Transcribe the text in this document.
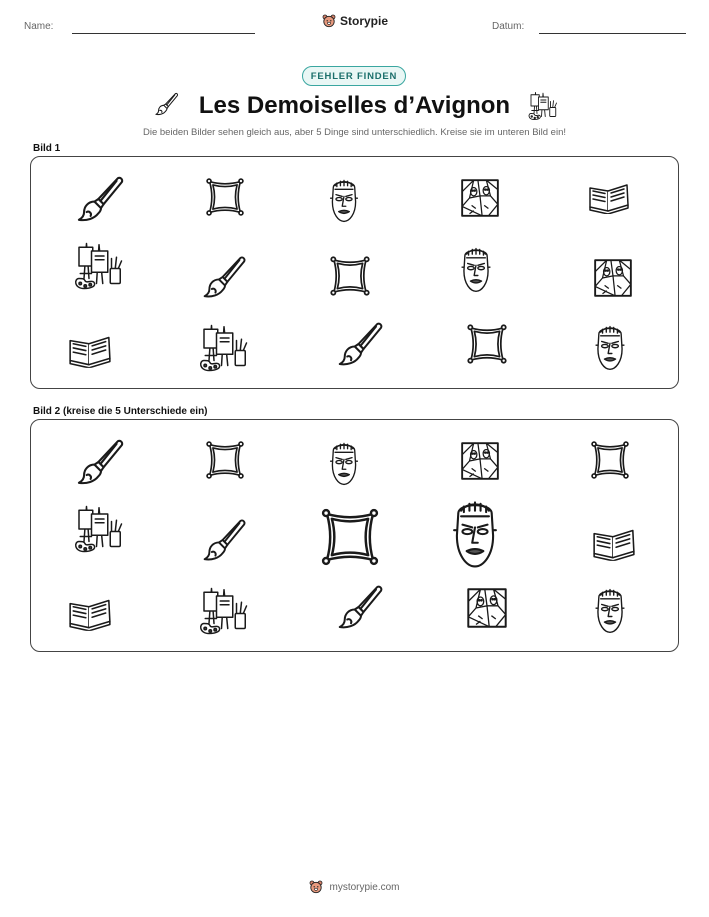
Name:	Storypie	Datum:
FEHLER FINDEN
Les Demoiselles d’Avignon
Die beiden Bilder sehen gleich aus, aber 5 Dinge sind unterschiedlich. Kreise sie im unteren Bild ein!
Bild 1
Bild 2 (kreise die 5 Unterschiede ein)
mystorypie.com
